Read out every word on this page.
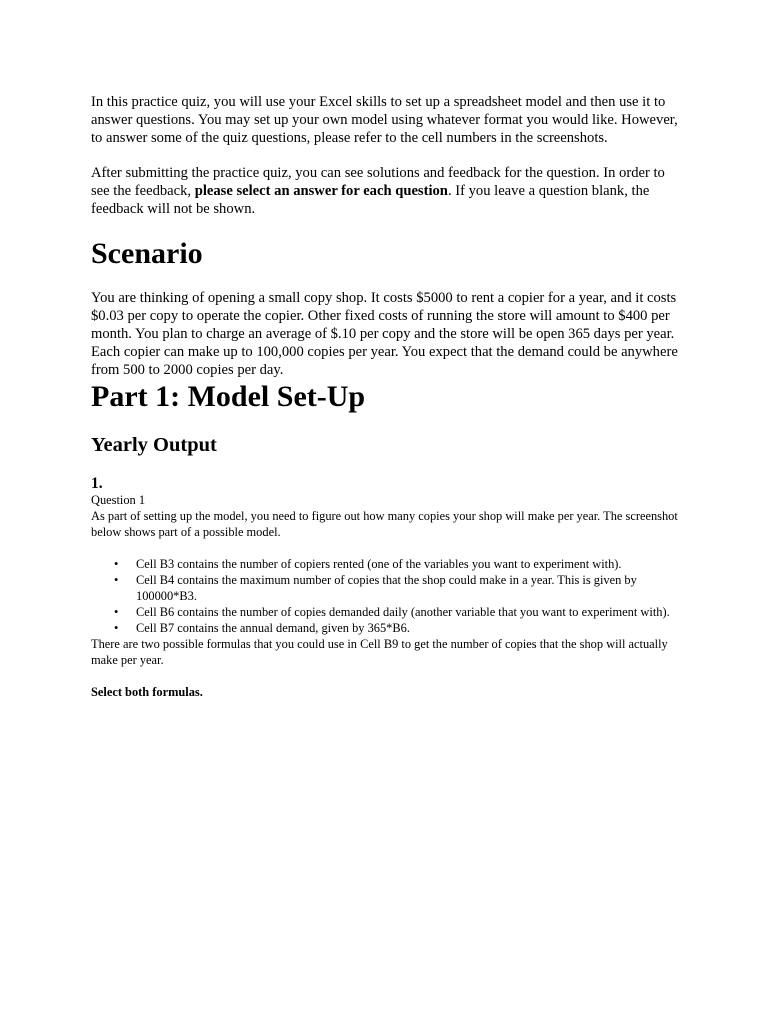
In this practice quiz, you will use your Excel skills to set up a spreadsheet model and then use it to answer questions. You may set up your own model using whatever format you would like. However, to answer some of the quiz questions, please refer to the cell numbers in the screenshots.

After submitting the practice quiz, you can see solutions and feedback for the question. In order to see the feedback, please select an answer for each question. If you leave a question blank, the feedback will not be shown.

Scenario

You are thinking of opening a small copy shop. It costs $5000 to rent a copier for a year, and it costs $0.03 per copy to operate the copier. Other fixed costs of running the store will amount to $400 per month. You plan to charge an average of $.10 per copy and the store will be open 365 days per year. Each copier can make up to 100,000 copies per year. You expect that the demand could be anywhere from 500 to 2000 copies per day.

Part 1: Model Set-Up
Yearly Output
1.

Question 1

As part of setting up the model, you need to figure out how many copies your shop will make per year. The screenshot below shows part of a possible model.

• Cell B3 contains the number of copiers rented (one of the variables you want to experiment with).
• Cell B4 contains the maximum number of copies that the shop could make in a year. This is given by 100000*B3.
• Cell B6 contains the number of copies demanded daily (another variable that you want to experiment with).
• Cell B7 contains the annual demand, given by 365*B6.

There are two possible formulas that you could use in Cell B9 to get the number of copies that the shop will actually make per year.

Select both formulas.
